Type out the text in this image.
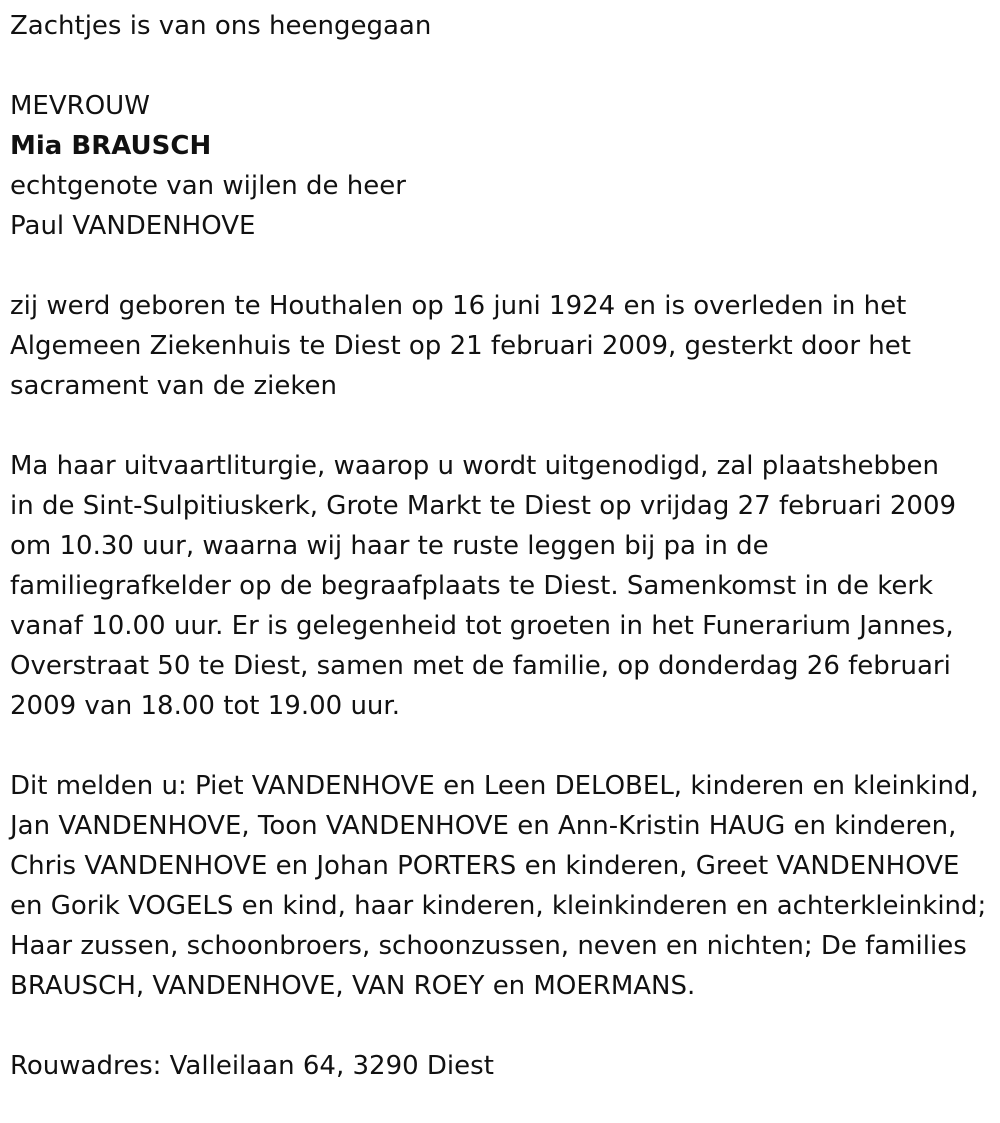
Zachtjes is van ons heengegaan

MEVROUW

Mia BRAUSCH

echtgenote van wijlen de heer

Paul VANDENHOVE

zij werd geboren te Houthalen op 16 juni 1924 en is overleden in het

Algemeen Ziekenhuis te Diest op 21 februari 2009, gesterkt door het

sacrament van de zieken

Ma haar uitvaartliturgie, waarop u wordt uitgenodigd, zal plaatshebben

in de Sint-Sulpitiuskerk, Grote Markt te Diest op vrijdag 27 februari 2009

om 10.30 uur, waarna wij haar te ruste leggen bij pa in de

familiegrafkelder op de begraafplaats te Diest. Samenkomst in de kerk

vanaf 10.00 uur. Er is gelegenheid tot groeten in het Funerarium Jannes,

Overstraat 50 te Diest, samen met de familie, op donderdag 26 februari

2009 van 18.00 tot 19.00 uur.

Dit melden u: Piet VANDENHOVE en Leen DELOBEL, kinderen en kleinkind,

Jan VANDENHOVE, Toon VANDENHOVE en Ann-Kristin HAUG en kinderen,

Chris VANDENHOVE en Johan PORTERS en kinderen, Greet VANDENHOVE

en Gorik VOGELS en kind, haar kinderen, kleinkinderen en achterkleinkind;

Haar zussen, schoonbroers, schoonzussen, neven en nichten; De families

BRAUSCH, VANDENHOVE, VAN ROEY en MOERMANS.

Rouwadres: Valleilaan 64, 3290 Diest
